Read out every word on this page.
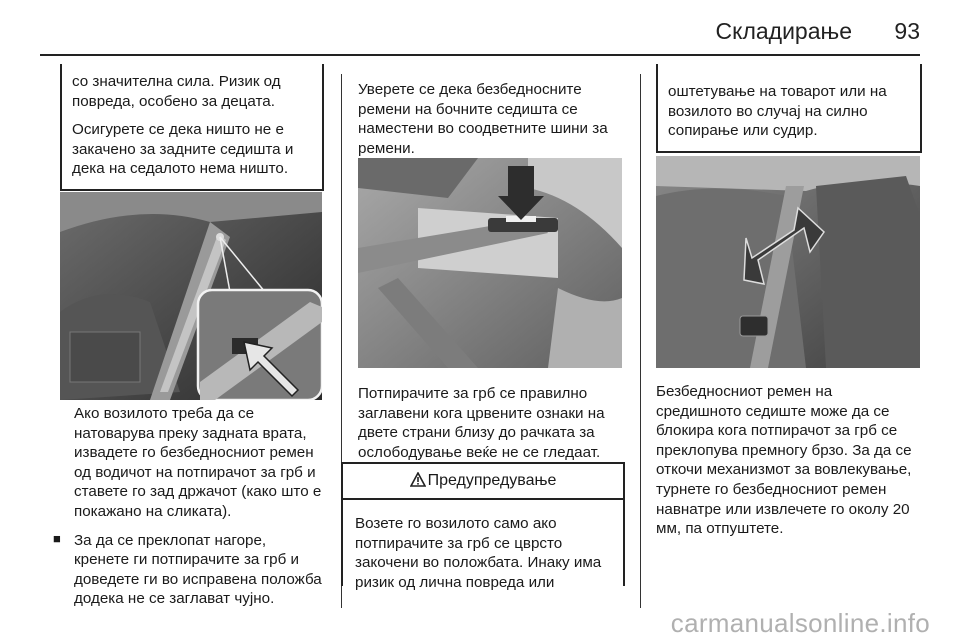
Складирање 93

со значителна сила. Ризик од повреда, особено за децата.

Осигурете се дека ништо не е закачено за задните седишта и дека на седалото нема ништо.

Ако возилото треба да се натоварува преку задната врата, извадете го безбедносниот ремен од водичот на потпирачот за грб и ставете го зад држачот (како што е покажано на сликата).

■ За да се преклопат нагоре, кренете ги потпирачите за грб и доведете ги во исправена положба додека не се заглават чујно.

Уверете се дека безбедносните ремени на бочните седишта се наместени во соодветните шини за ремени.

Потпирачите за грб се правилно заглавени кога црвените ознаки на двете страни близу до рачката за ослободување веќе не се гледаат.

Предупредување

Возете го возилото само ако потпирачите за грб се цврсто закочени во положбата. Инаку има ризик од лична повреда или

оштетување на товарот или на возилото во случај на силно сопирање или судир.

Безбедносниот ремен на средишното седиште може да се блокира кога потпирачот за грб се преклопува премногу брзо. За да се откочи механизмот за вовлекување, турнете го безбедносниот ремен навнатре или извлечете го околу 20 мм, па отпуштете.

carmanualsonline.info
